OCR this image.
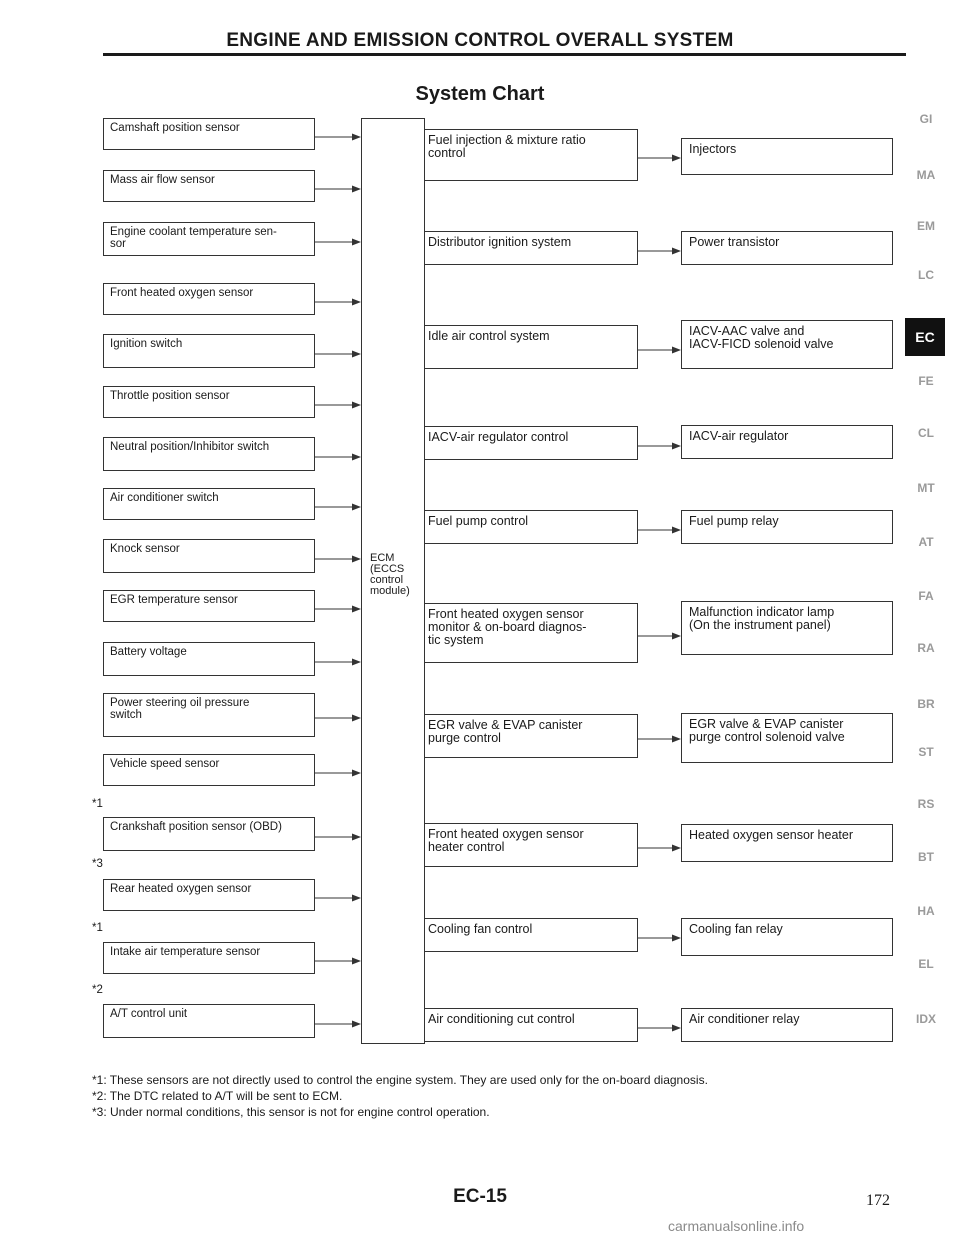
ENGINE AND EMISSION CONTROL OVERALL SYSTEM
System Chart
Camshaft position sensor
Mass air flow sensor
Engine coolant temperature sen-
sor
Front heated oxygen sensor
Ignition switch
Throttle position sensor
Neutral position/Inhibitor switch
Air conditioner switch
Knock sensor
EGR temperature sensor
Battery voltage
Power steering oil pressure
switch
Vehicle speed sensor
Crankshaft position sensor (OBD)
*1
Rear heated oxygen sensor
*3
Intake air temperature sensor
*1
A/T control unit
*2
ECM
(ECCS
control
module)
Fuel injection & mixture ratio
control	Injectors
Distributor ignition system	Power transistor
Idle air control system	IACV-AAC valve and
IACV-FICD solenoid valve
IACV-air regulator control	IACV-air regulator
Fuel pump control	Fuel pump relay
Front heated oxygen sensor
monitor & on-board diagnos-
tic system
Malfunction indicator lamp
(On the instrument panel)
EGR valve & EVAP canister
purge control
EGR valve & EVAP canister
purge control solenoid valve
Front heated oxygen sensor
heater control
Heated oxygen sensor heater
Cooling fan control	Cooling fan relay
Air conditioning cut control	Air conditioner relay
GI
MA
EM
LC
EC
FE
CL
MT
AT
FA
RA
BR
ST
RS
BT
HA
EL
IDX
*1: These sensors are not directly used to control the engine system. They are used only for the on-board diagnosis.
*2: The DTC related to A/T will be sent to ECM.
*3: Under normal conditions, this sensor is not for engine control operation.
EC-15	172
carmanualsonline.info
